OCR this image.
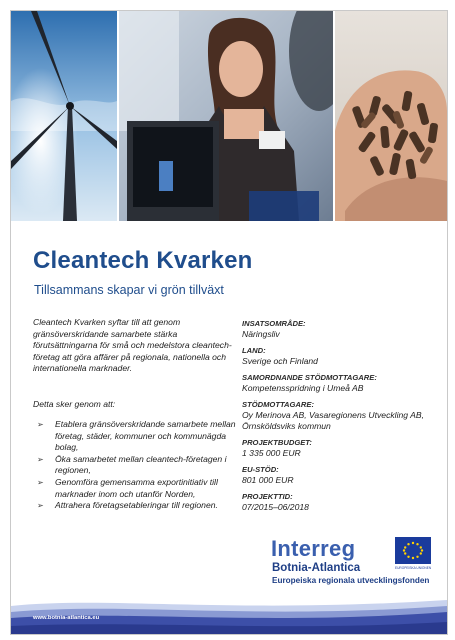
Cleantech Kvarken
Tillsammans skapar vi grön tillväxt
Cleantech Kvarken syftar till att genom gränsöverskridande samarbete stärka förutsättningarna för små och medelstora cleantech-företag att göra affärer på regionala, nationella och internationella marknader.
Detta sker genom att:
➢ Etablera gränsöverskridande samarbete mellan företag, städer, kommuner och kommunägda bolag,
➢ Öka samarbetet mellan cleantech-företagen i regionen,
➢ Genomföra gemensamma exportinitiativ till marknader inom och utanför Norden,
➢ Attrahera företagsetableringar till regionen.
INSATSOMRÅDE:
Näringsliv
LAND:
Sverige och Finland
SAMORDNANDE STÖDMOTTAGARE:
Kompetensspridning i Umeå AB
STÖDMOTTAGARE:
Oy Merinova AB, Vasaregionens Utveckling AB, Örnsköldsviks kommun
PROJEKTBUDGET:
1 335 000 EUR
EU-STÖD:
801 000 EUR
PROJEKTTID:
07/2015–06/2018
Interreg
EUROPEISKA UNIONEN
Botnia-Atlantica
Europeiska regionala utvecklingsfonden
www.botnia-atlantica.eu
